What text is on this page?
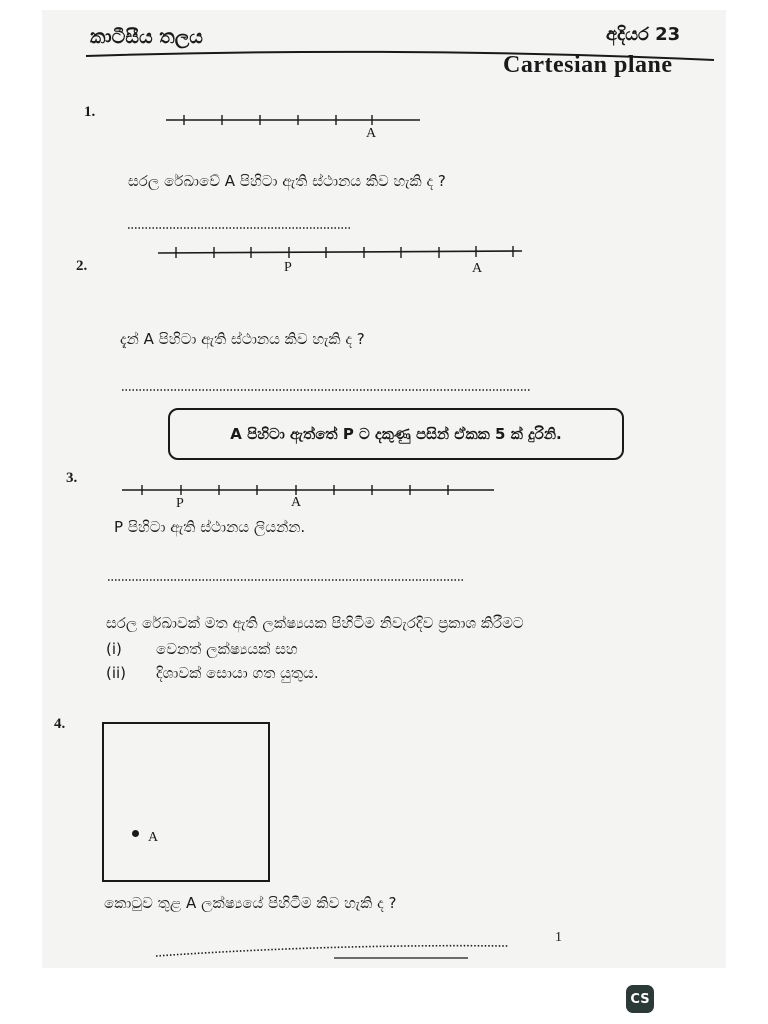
කාටීසීය තලය	අදියර 23
Cartesian plane
1.
A
සරල රේඛාවේ A පිහිටා ඇති ස්ථානය කිව හැකි ද ?
2.	P	A
දැන් A පිහිටා ඇති ස්ථානය කිව හැකි ද ?
A පිහිටා ඇත්තේ P ට දකුණු පසින් ඒකක 5 ක් දුරිනි.
3.
P	A
P පිහිටා ඇති ස්ථානය ලියන්න.
සරල රේඛාවක් මත ඇති ලක්ෂ්‍යයක පිහිටීම නිවැරදිව ප්‍රකාශ කිරීමට
(i) වෙනත් ලක්ෂ්‍යයක් සහ
(ii) දිශාවක් සොයා ගත යුතුය.
4.
A
කොටුව තුළ A ලක්ෂ්‍යයේ පිහිටීම කිව හැකි ද ?
1
CS
